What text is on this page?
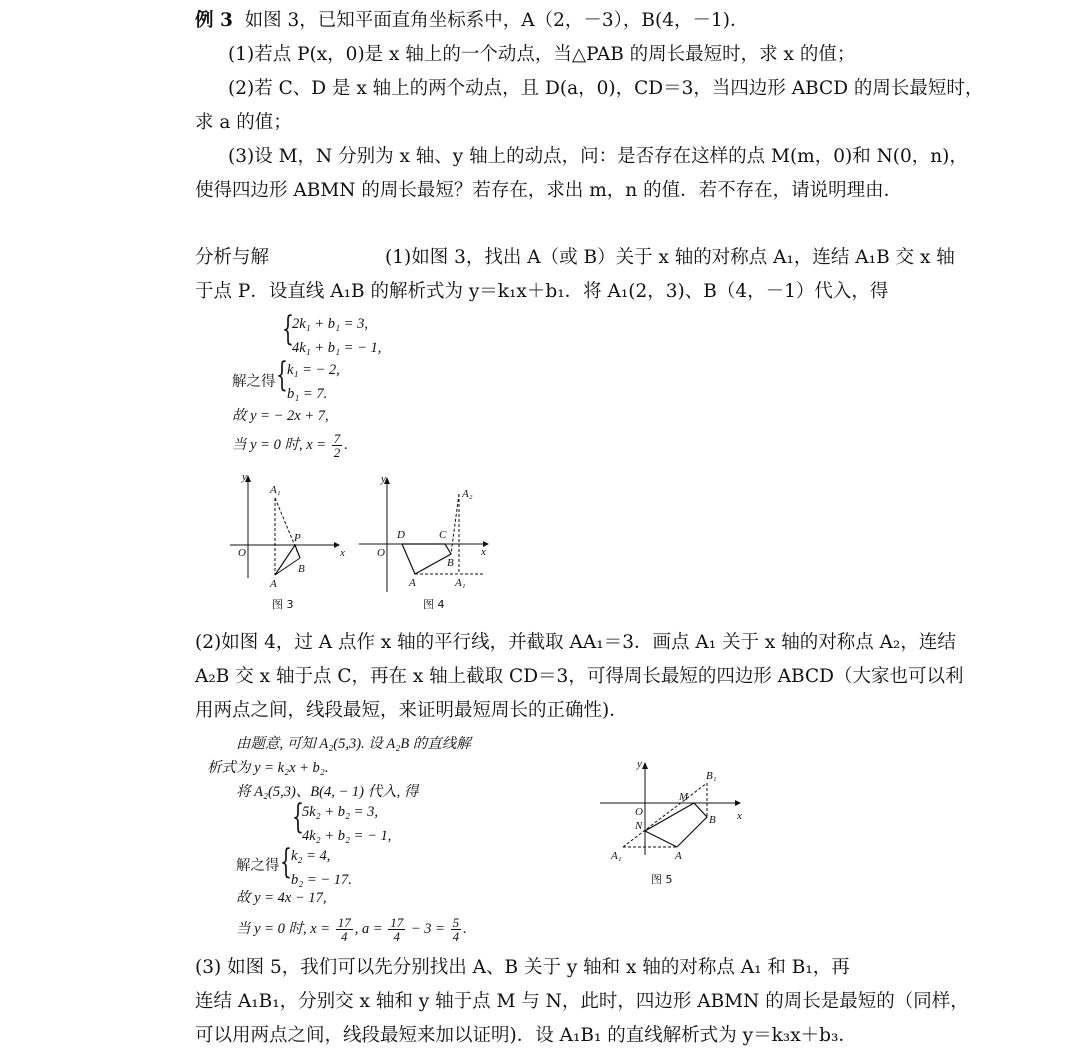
例 3 如图 3，已知平面直角坐标系中，A（2，－3），B(4，－1)．
(1)若点 P(x，0)是 x 轴上的一个动点，当△PAB 的周长最短时，求 x 的值；
(2)若 C、D 是 x 轴上的两个动点，且 D(a，0)，CD＝3，当四边形 ABCD 的周长最短时，
求 a 的值；
(3)设 M，N 分别为 x 轴、y 轴上的动点，问：是否存在这样的点 M(m，0)和 N(0，n)，
使得四边形 ABMN 的周长最短？若存在，求出 m，n 的值．若不存在，请说明理由．
分析与解	(1)如图 3，找出 A（或 B）关于 x 轴的对称点 A₁，连结 A₁B 交 x 轴
于点 P．设直线 A₁B 的解析式为 y＝k₁x＋b₁．将 A₁(2，3)、B（4，－1）代入，得
{
2k₁ + b₁ = 3,
4k₁ + b₁ = − 1,
解之得 { k₁ = − 2,
b₁ = 7.
故 y = − 2x + 7,
当 y = 0 时, $x = \frac{7}{2}$ .
y
x
O
A₁
P
B
A
图 3
y
x
O
D	C
A₂
B
A	A₁
图 4
(2)如图 4，过 A 点作 x 轴的平行线，并截取 AA₁＝3．画点 A₁ 关于 x 轴的对称点 A₂，连结
A₂B 交 x 轴于点 C，再在 x 轴上截取 CD＝3，可得周长最短的四边形 ABCD（大家也可以利
用两点之间，线段最短，来证明最短周长的正确性)．
由题意, 可知 A₂(5,3). 设 A₂B 的直线解
析式为 y = k₂x + b₂.
将 A₂(5,3)、B(4, − 1) 代入, 得
{
5k₂ + b₂ = 3,
4k₂ + b₂ = − 1,
解之得 { k₂ = 4,
b₂ = − 17.
故 y = 4x − 17,
当 y = 0 时, $x = \frac{17}{4}$ , $a = \frac{17}{4} - 3 = \frac{5}{4}$ .
y
x
O
M
B₁
N	B
A₁	A
图 5
(3) 如图 5，我们可以先分别找出 A、B 关于 y 轴和 x 轴的对称点 A₁ 和 B₁，再
连结 A₁B₁，分别交 x 轴和 y 轴于点 M 与 N，此时，四边形 ABMN 的周长是最短的（同样，
可以用两点之间，线段最短来加以证明)．设 A₁B₁ 的直线解析式为 y＝k₃x＋b₃．
